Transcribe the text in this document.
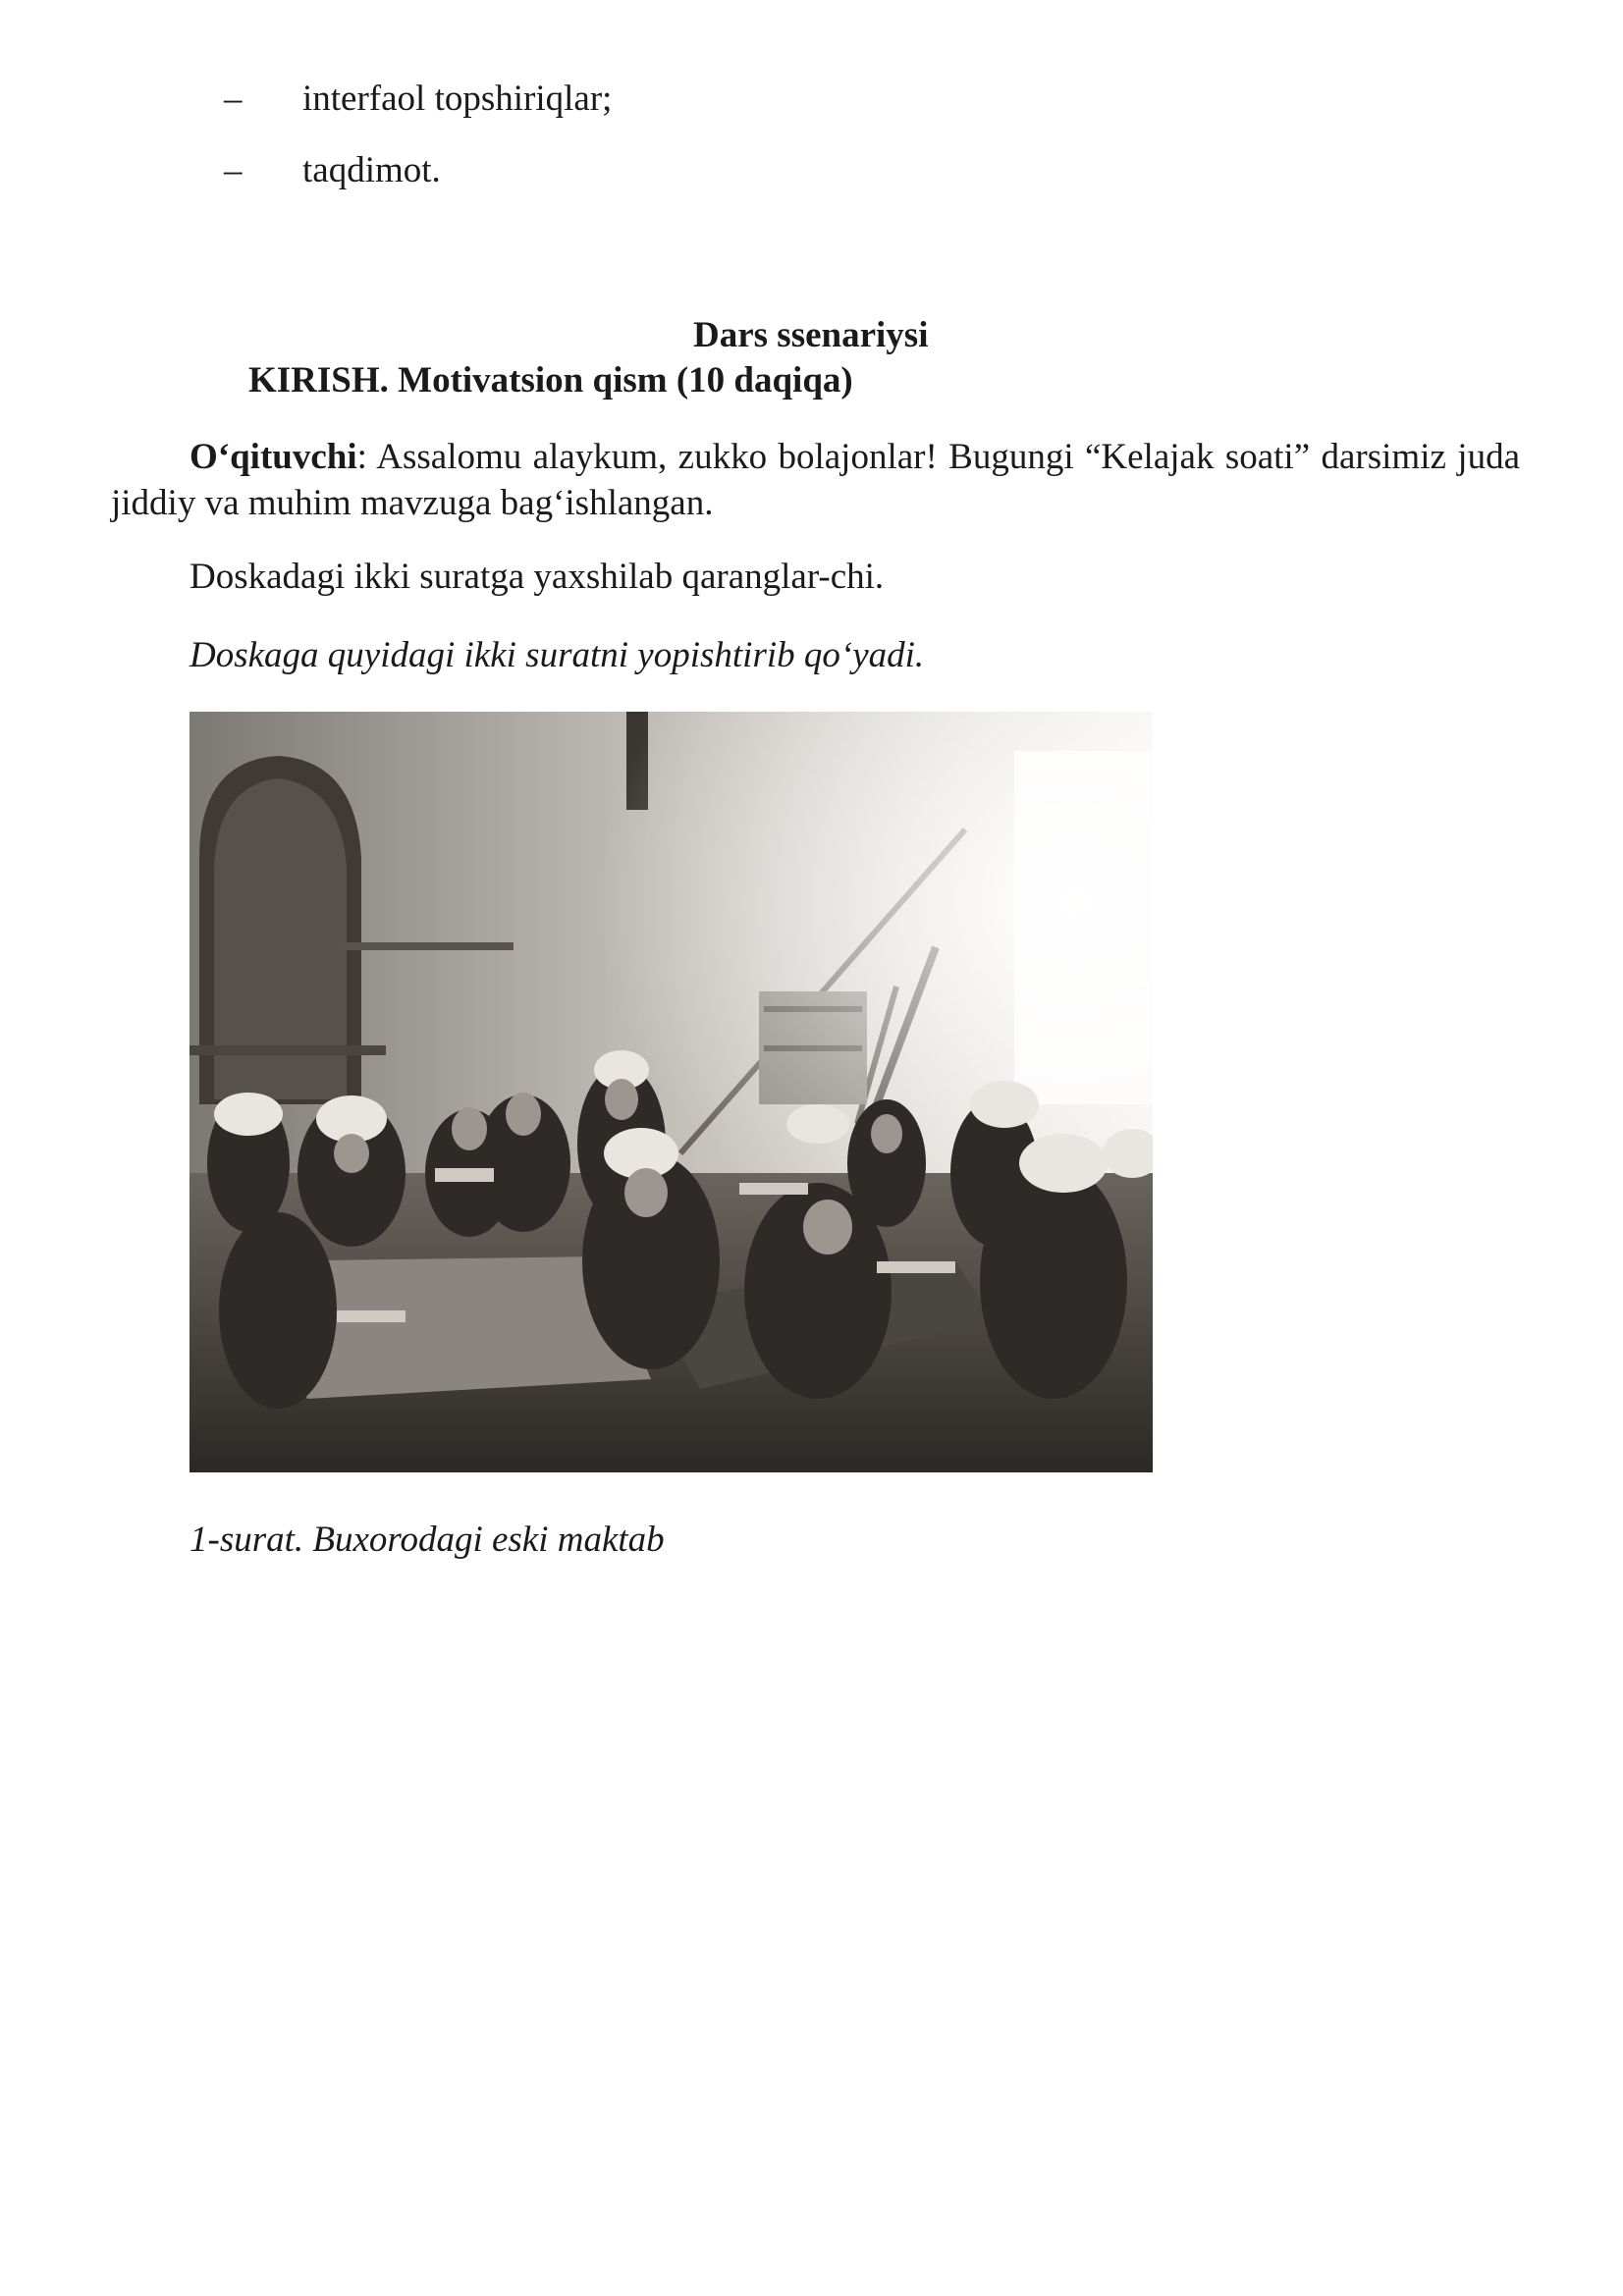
– interfaol topshiriqlar;
– taqdimot.
Dars ssenariysi
KIRISH. Motivatsion qism (10 daqiqa)
O‘qituvchi: Assalomu alaykum, zukko bolajonlar! Bugungi “Kelajak soati” darsimiz juda jiddiy va muhim mavzuga bag‘ishlangan.
Doskadagi ikki suratga yaxshilab qaranglar-chi.
Doskaga quyidagi ikki suratni yopishtirib qo‘yadi.
1-surat. Buxorodagi eski maktab
